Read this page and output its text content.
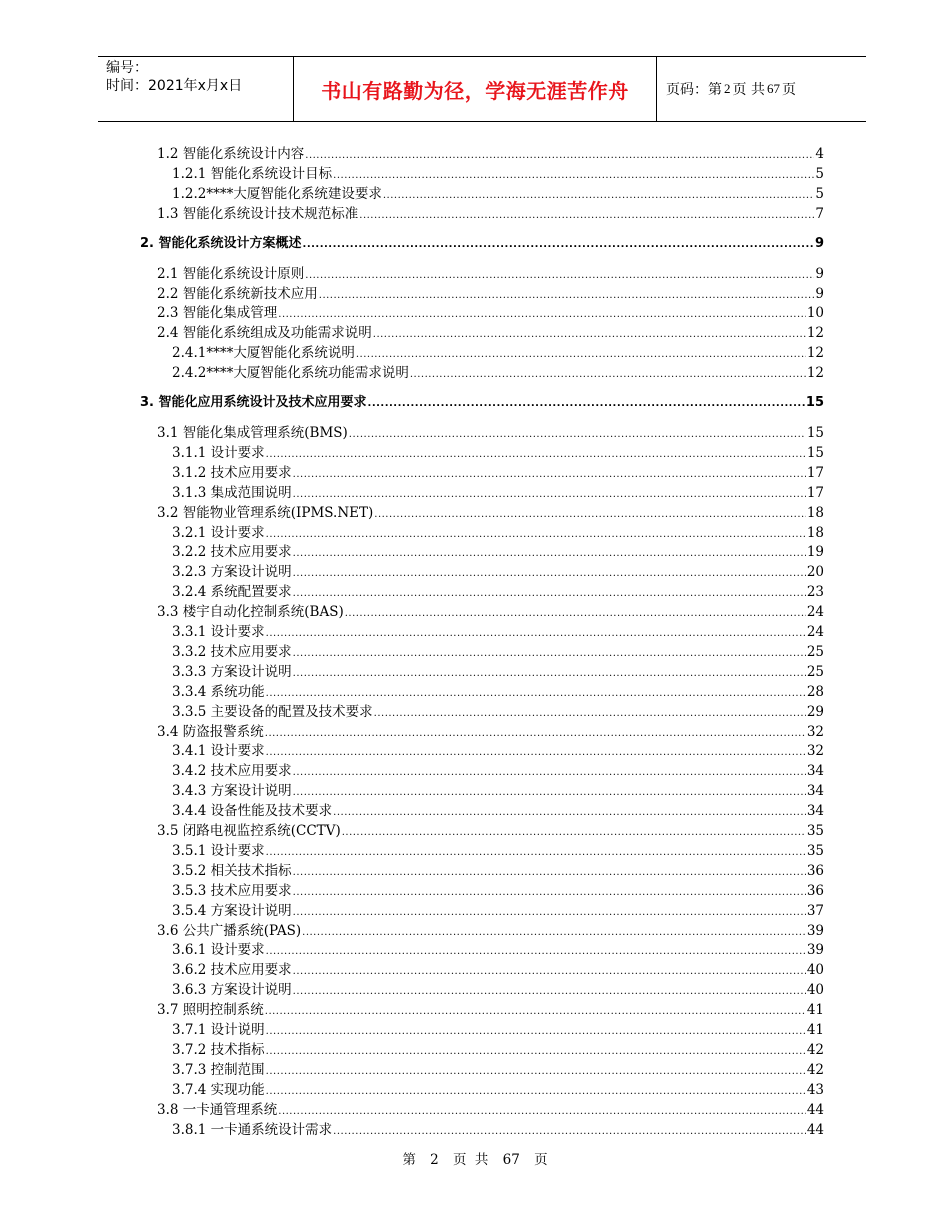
编号：
时间：2021年x月x日	书山有路勤为径，学海无涯苦作舟	页码：第 2 页 共 67 页
1.2 智能化系统设计内容 .....	4
1.2.1 智能化系统设计目标 .....	5
1.2.2****大厦智能化系统建设要求 .....	5
1.3 智能化系统设计技术规范标准 .....	7
2. 智能化系统设计方案概述 .....	9
2.1 智能化系统设计原则 .....	9
2.2 智能化系统新技术应用 .....	9
2.3 智能化集成管理 .....	10
2.4 智能化系统组成及功能需求说明 .....	12
2.4.1****大厦智能化系统说明 .....	12
2.4.2****大厦智能化系统功能需求说明 .....	12
3. 智能化应用系统设计及技术应用要求 .....	15
3.1 智能化集成管理系统(BMS) .....	15
3.1.1 设计要求 .....	15
3.1.2 技术应用要求 .....	17
3.1.3 集成范围说明 .....	17
3.2 智能物业管理系统(IPMS.NET) .....	18
3.2.1 设计要求 .....	18
3.2.2 技术应用要求 .....	19
3.2.3 方案设计说明 .....	20
3.2.4 系统配置要求 .....	23
3.3 楼宇自动化控制系统(BAS) .....	24
3.3.1 设计要求 .....	24
3.3.2 技术应用要求 .....	25
3.3.3 方案设计说明 .....	25
3.3.4 系统功能 .....	28
3.3.5 主要设备的配置及技术要求 .....	29
3.4 防盗报警系统 .....	32
3.4.1 设计要求 .....	32
3.4.2 技术应用要求 .....	34
3.4.3 方案设计说明 .....	34
3.4.4 设备性能及技术要求 .....	34
3.5 闭路电视监控系统(CCTV) .....	35
3.5.1 设计要求 .....	35
3.5.2 相关技术指标 .....	36
3.5.3 技术应用要求 .....	36
3.5.4 方案设计说明 .....	37
3.6 公共广播系统(PAS) .....	39
3.6.1 设计要求 .....	39
3.6.2 技术应用要求 .....	40
3.6.3 方案设计说明 .....	40
3.7 照明控制系统 .....	41
3.7.1 设计说明 .....	41
3.7.2 技术指标 .....	42
3.7.3 控制范围 .....	42
3.7.4 实现功能 .....	43
3.8 一卡通管理系统 .....	44
3.8.1 一卡通系统设计需求 .....	44
第 2 页 共 67 页
